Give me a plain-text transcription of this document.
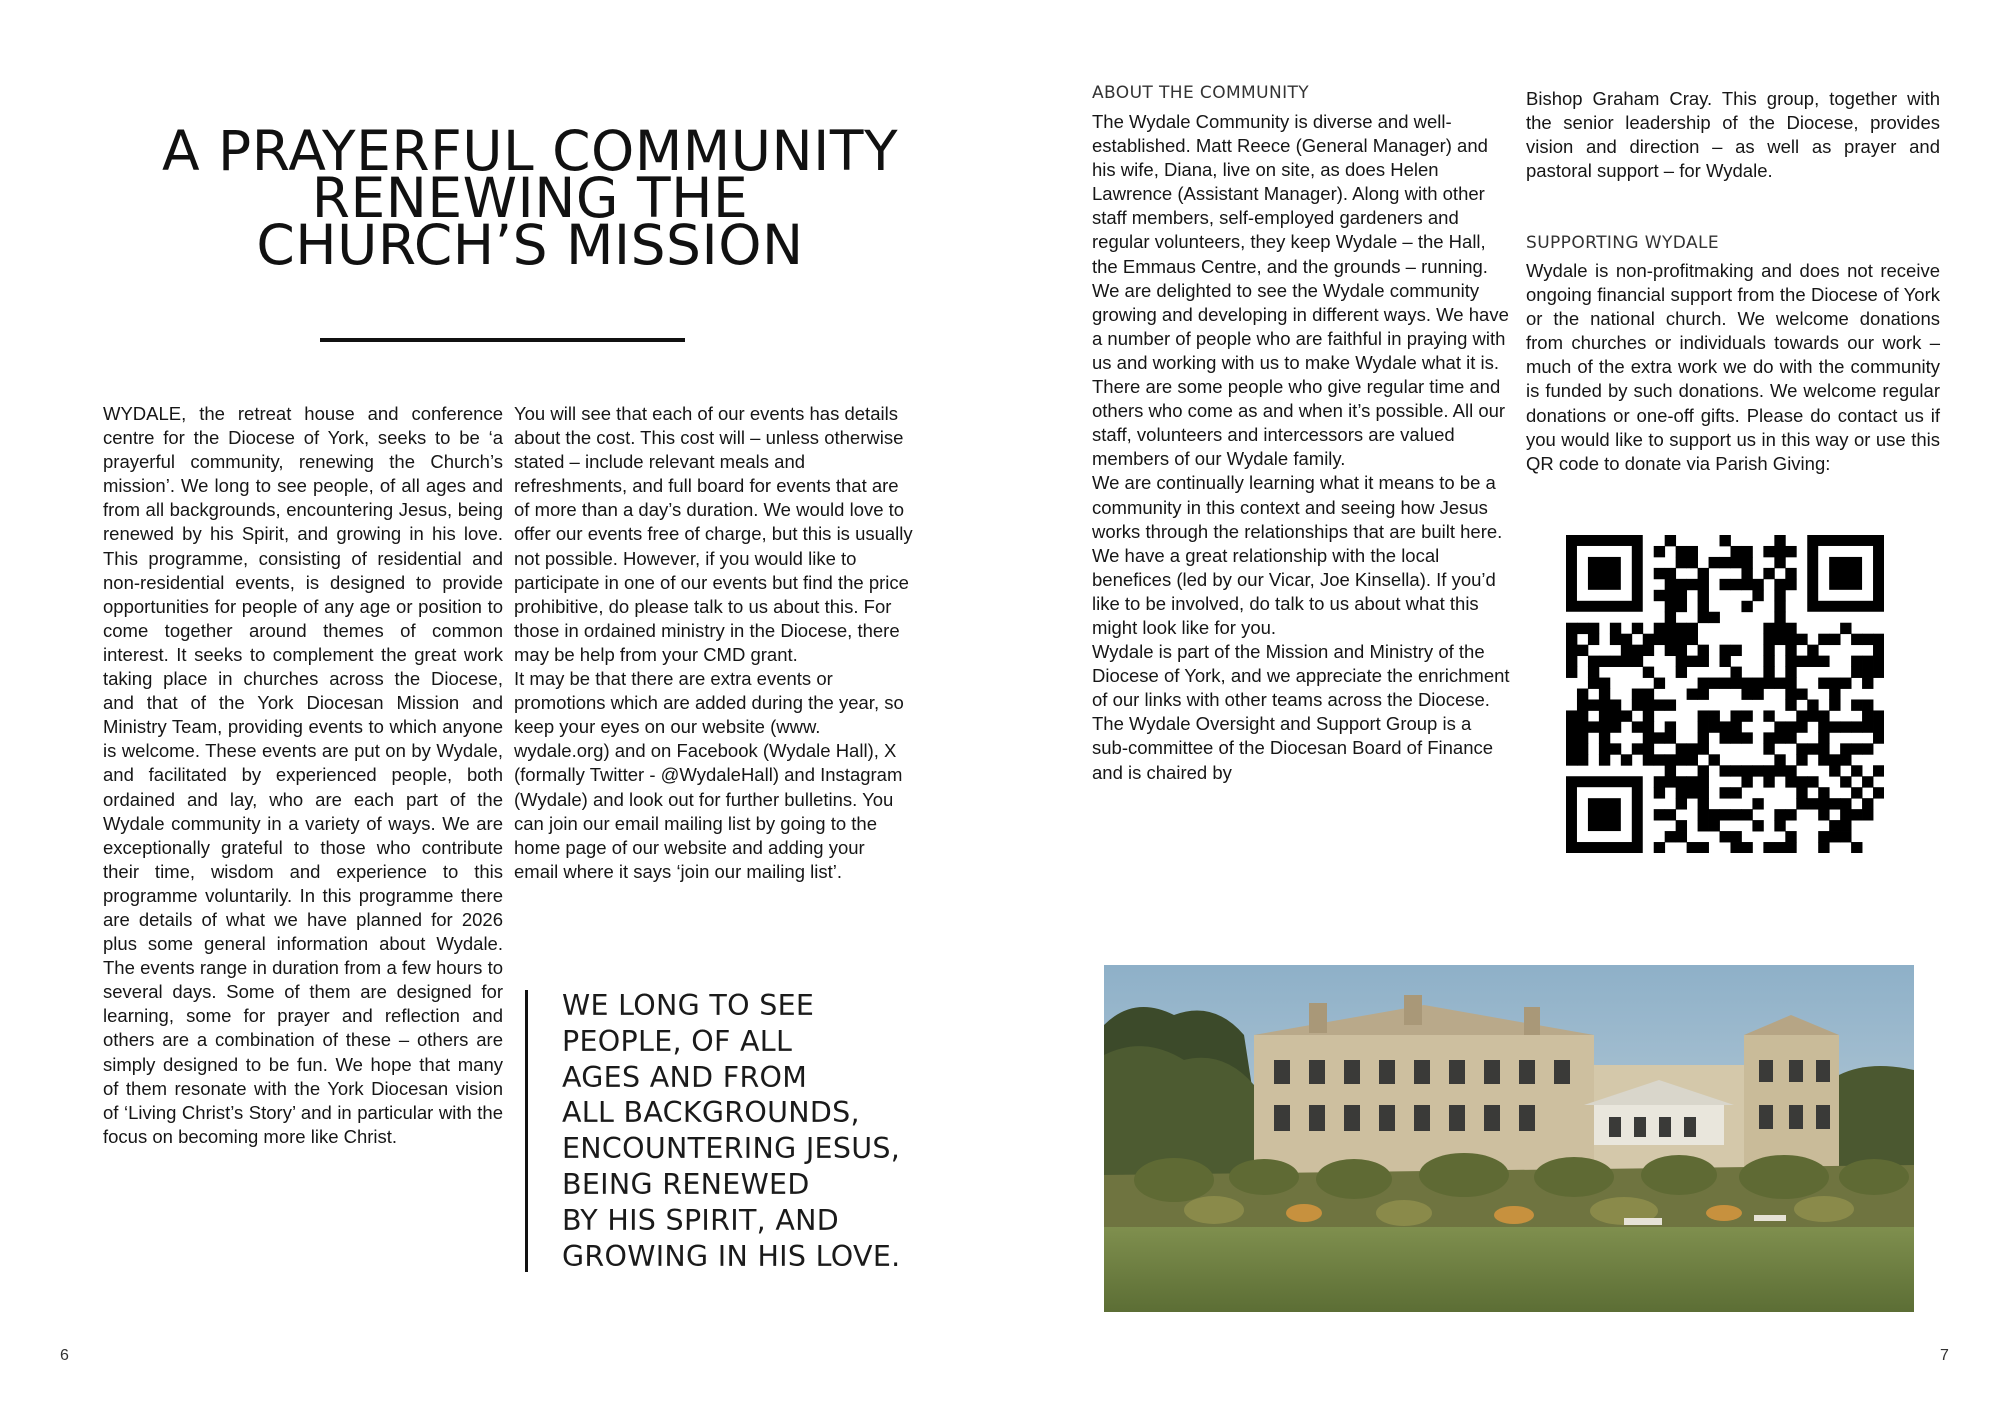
A PRAYERFUL COMMUNITY
RENEWING THE
CHURCH’S MISSION

WYDALE, the retreat house and conference centre for the Diocese of York, seeks to be ‘a prayerful community, renewing the Church’s mission’. We long to see people, of all ages and from all backgrounds, encountering Jesus, being renewed by his Spirit, and growing in his love. This programme, consisting of residential and non-residential events, is designed to provide opportunities for people of any age or position to come together around themes of common interest. It seeks to complement the great work taking place in churches across the Diocese, and that of the York Diocesan Mission and Ministry Team, providing events to which anyone is welcome. These events are put on by Wydale, and facilitated by experienced people, both ordained and lay, who are each part of the Wydale community in a variety of ways. We are exceptionally grateful to those who contribute their time, wisdom and experience to this programme voluntarily. In this programme there are details of what we have planned for 2026 plus some general information about Wydale. The events range in duration from a few hours to several days. Some of them are designed for learning, some for prayer and reflection and others are a combination of these – others are simply designed to be fun. We hope that many of them resonate with the York Diocesan vision of ‘Living Christ’s Story’ and in particular with the focus on becoming more like Christ.

You will see that each of our events has details about the cost. This cost will – unless otherwise stated – include relevant meals and refreshments, and full board for events that are of more than a day’s duration. We would love to offer our events free of charge, but this is usually not possible. However, if you would like to participate in one of our events but find the price prohibitive, do please talk to us about this. For those in ordained ministry in the Diocese, there may be help from your CMD grant.

It may be that there are extra events or promotions which are added during the year, so keep your eyes on our website (www. wydale.org) and on Facebook (Wydale Hall), X (formally Twitter - @WydaleHall) and Instagram (Wydale) and look out for further bulletins. You can join our email mailing list by going to the home page of our website and adding your email where it says ‘join our mailing list’.

WE LONG TO SEE
PEOPLE, OF ALL
AGES AND FROM
ALL BACKGROUNDS,
ENCOUNTERING JESUS,
BEING RENEWED
BY HIS SPIRIT, AND
GROWING IN HIS LOVE.

6
ABOUT THE COMMUNITY

The Wydale Community is diverse and well-established. Matt Reece (General Manager) and his wife, Diana, live on site, as does Helen Lawrence (Assistant Manager). Along with other staff members, self-employed gardeners and regular volunteers, they keep Wydale – the Hall, the Emmaus Centre, and the grounds – running. We are delighted to see the Wydale community growing and developing in different ways. We have a number of people who are faithful in praying with us and working with us to make Wydale what it is. There are some people who give regular time and others who come as and when it’s possible. All our staff, volunteers and intercessors are valued members of our Wydale family.

We are continually learning what it means to be a community in this context and seeing how Jesus works through the relationships that are built here. We have a great relationship with the local benefices (led by our Vicar, Joe Kinsella). If you’d like to be involved, do talk to us about what this might look like for you.

Wydale is part of the Mission and Ministry of the Diocese of York, and we appreciate the enrichment of our links with other teams across the Diocese. The Wydale Oversight and Support Group is a sub-committee of the Diocesan Board of Finance and is chaired by

Bishop Graham Cray. This group, together with the senior leadership of the Diocese, provides vision and direction – as well as prayer and pastoral support – for Wydale.

SUPPORTING WYDALE

Wydale is non-profitmaking and does not receive ongoing financial support from the Diocese of York or the national church. We welcome donations from churches or individuals towards our work – much of the extra work we do with the community is funded by such donations. We welcome regular donations or one-off gifts. Please do contact us if you would like to support us in this way or use this QR code to donate via Parish Giving:

7
